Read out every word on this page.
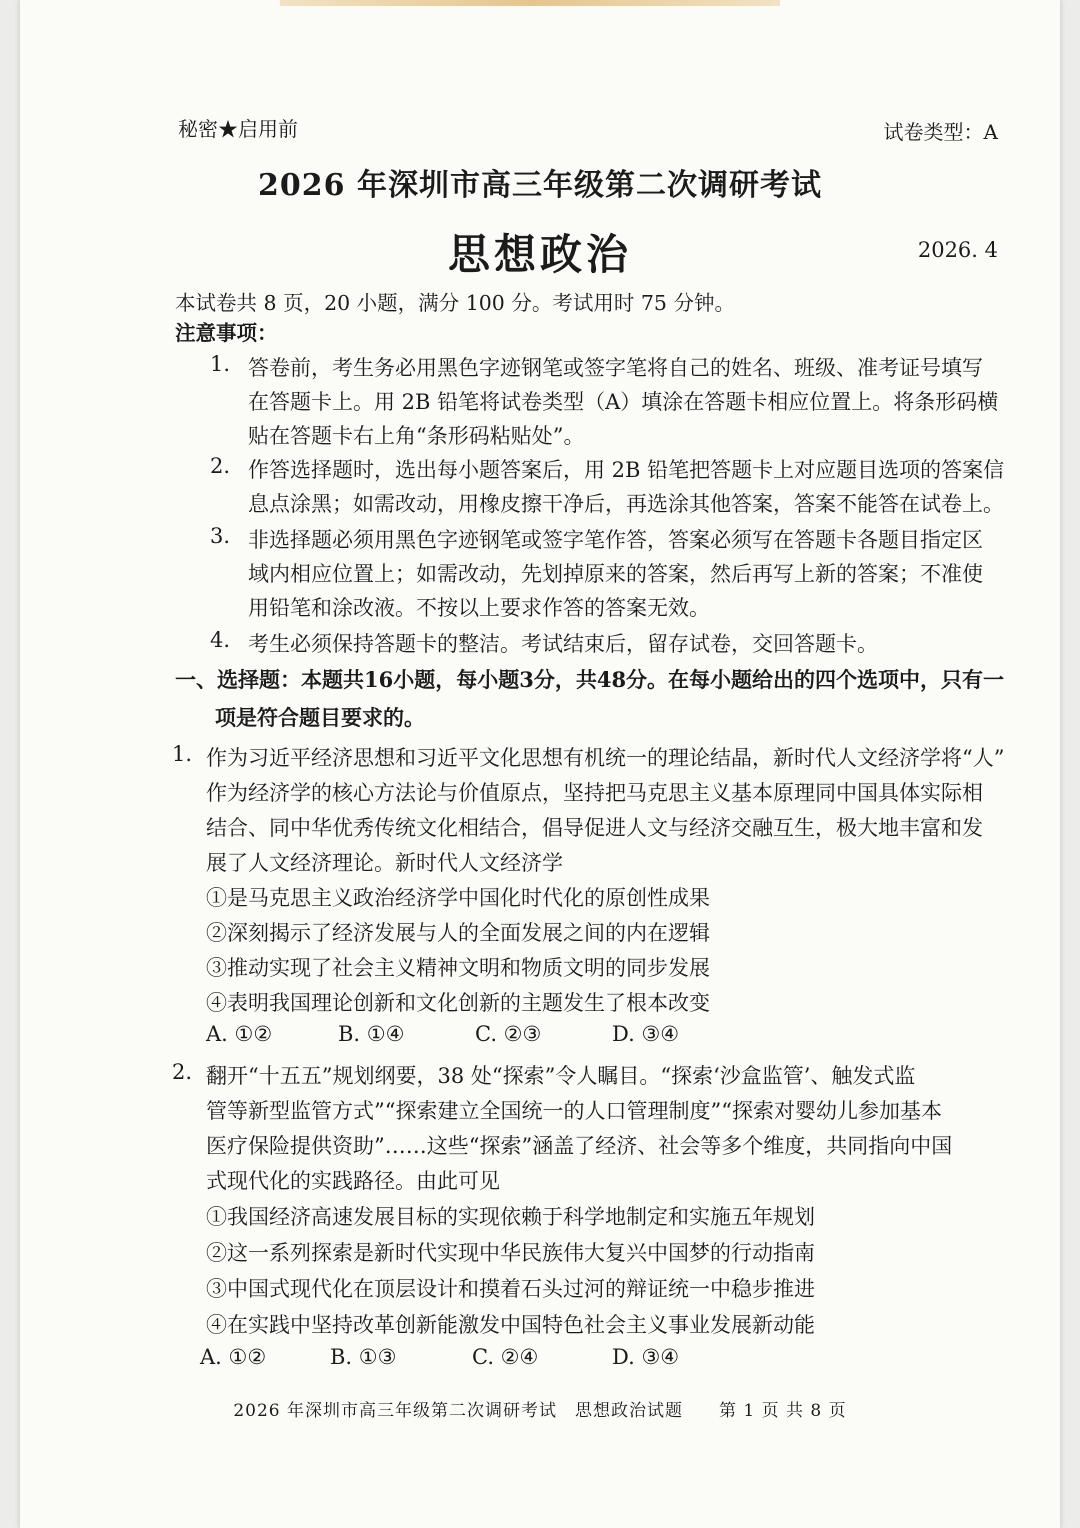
秘密★启用前	试卷类型：A
2026 年深圳市高三年级第二次调研考试
思想政治	2026. 4
本试卷共 8 页，20 小题，满分 100 分。考试用时 75 分钟。
注意事项：
1. 答卷前，考生务必用黑色字迹钢笔或签字笔将自己的姓名、班级、准考证号填写
在答题卡上。用 2B 铅笔将试卷类型（A）填涂在答题卡相应位置上。将条形码横
贴在答题卡右上角“条形码粘贴处”。
2. 作答选择题时，选出每小题答案后，用 2B 铅笔把答题卡上对应题目选项的答案信
息点涂黑；如需改动，用橡皮擦干净后，再选涂其他答案，答案不能答在试卷上。
3. 非选择题必须用黑色字迹钢笔或签字笔作答，答案必须写在答题卡各题目指定区
域内相应位置上；如需改动，先划掉原来的答案，然后再写上新的答案；不准使
用铅笔和涂改液。不按以上要求作答的答案无效。
4. 考生必须保持答题卡的整洁。考试结束后，留存试卷，交回答题卡。
一、选择题：本题共16小题，每小题3分，共48分。在每小题给出的四个选项中，只有一
项是符合题目要求的。
1. 作为习近平经济思想和习近平文化思想有机统一的理论结晶，新时代人文经济学将“人”
作为经济学的核心方法论与价值原点，坚持把马克思主义基本原理同中国具体实际相
结合、同中华优秀传统文化相结合，倡导促进人文与经济交融互生，极大地丰富和发
展了人文经济理论。新时代人文经济学
①是马克思主义政治经济学中国化时代化的原创性成果
②深刻揭示了经济发展与人的全面发展之间的内在逻辑
③推动实现了社会主义精神文明和物质文明的同步发展
④表明我国理论创新和文化创新的主题发生了根本改变
A. ①②	B. ①④	C. ②③	D. ③④
2. 翻开“十五五”规划纲要，38 处“探索”令人瞩目。“探索‘沙盒监管’、触发式监
管等新型监管方式”“探索建立全国统一的人口管理制度”“探索对婴幼儿参加基本
医疗保险提供资助”……这些“探索”涵盖了经济、社会等多个维度，共同指向中国
式现代化的实践路径。由此可见
①我国经济高速发展目标的实现依赖于科学地制定和实施五年规划
②这一系列探索是新时代实现中华民族伟大复兴中国梦的行动指南
③中国式现代化在顶层设计和摸着石头过河的辩证统一中稳步推进
④在实践中坚持改革创新能激发中国特色社会主义事业发展新动能
A. ①②	B. ①③	C. ②④	D. ③④
2026 年深圳市高三年级第二次调研考试　思想政治试题　　第 1 页 共 8 页
